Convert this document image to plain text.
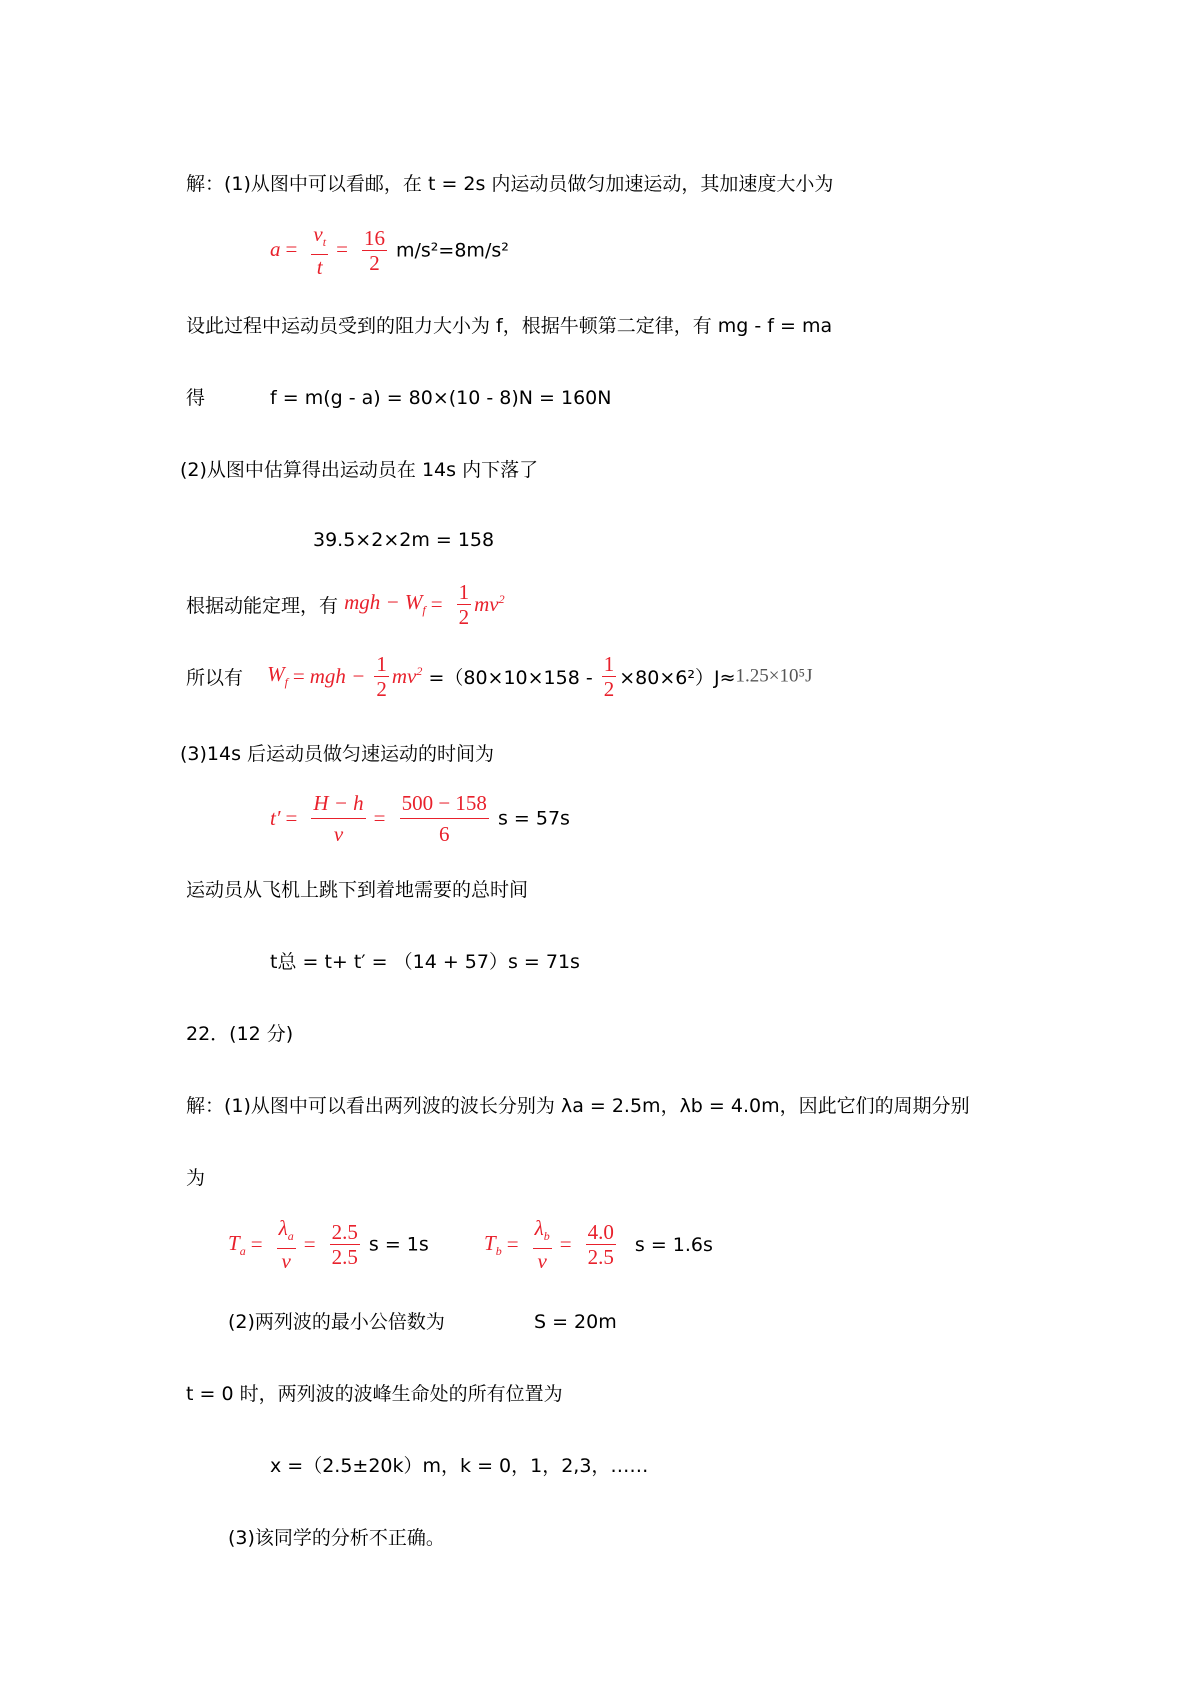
解：(1)从图中可以看邮，在 t = 2s 内运动员做匀加速运动，其加速度大小为
$a = \frac{v_t}{t} = \frac{16}{2} m/s^2=8m/s^2$
设此过程中运动员受到的阻力大小为 f，根据牛顿第二定律，有 mg - f = ma
得	f = m(g - a) = 80×(10 - 8)N = 160N
(2)从图中估算得出运动员在 14s 内下落了
39.5×2×2m = 158
根据动能定理，有 mgh − $W_f = \frac{1}{2} mv^2$
所以有 $W_f$ = mgh − $\frac{1}{2} mv^2 =(80\times 10\times 158 - \frac{1}{2} \times 80\times 6^2)J\approx 1.25\times 10^5J$
(3)14s 后运动员做匀速运动的时间为
$t' = \frac{H - h}{v} = \frac{500 - 158}{6}$ s = 57s
运动员从飞机上跳下到着地需要的总时间
t总 = t+ t′ = （14 + 57）s = 71s
22．(12 分)
解：(1)从图中可以看出两列波的波长分别为 λa = 2.5m，λb = 4.0m，因此它们的周期分别
为
$T_a = \frac{\lambda_a}{v} = \frac{2.5}{2.5}$ s = 1s	$T_b = \frac{\lambda_b}{v} = \frac{4.0}{2.5}$ s = 1.6s
(2)两列波的最小公倍数为	S = 20m
t = 0 时，两列波的波峰生命处的所有位置为
x =（2.5±20k）m，k = 0，1，2,3，……
(3)该同学的分析不正确。
